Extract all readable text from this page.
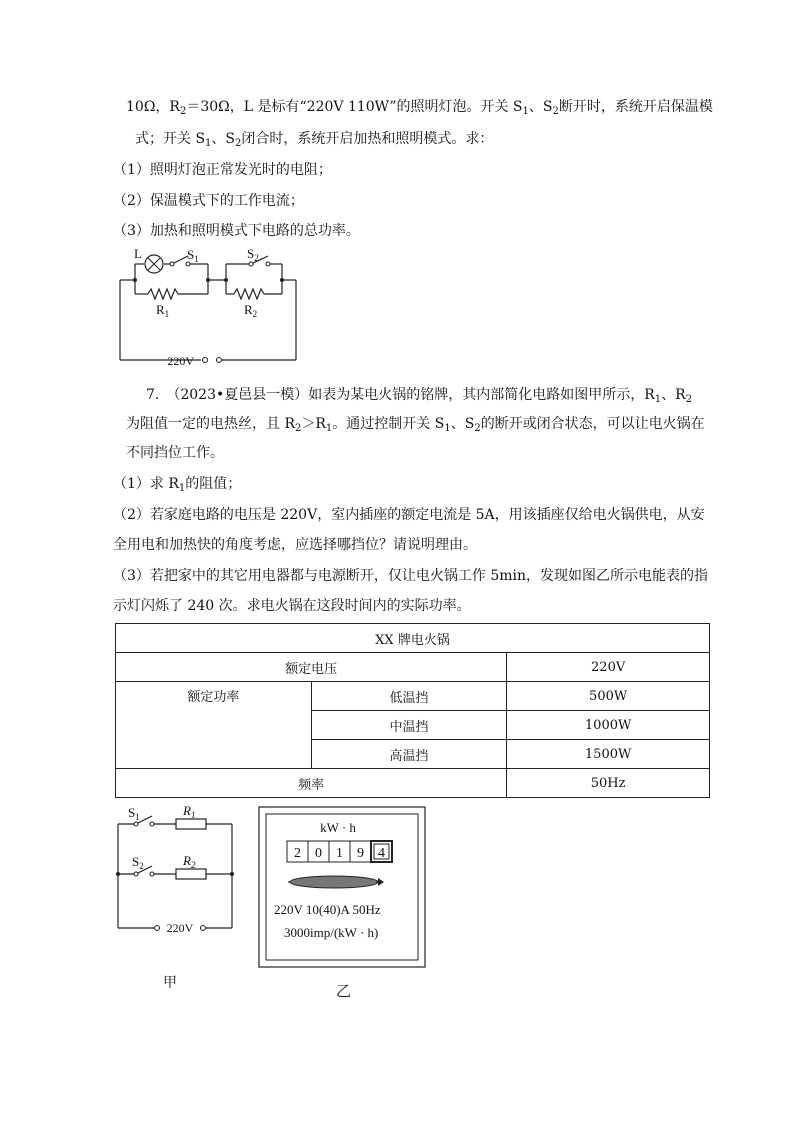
10Ω，$R_2=30\Omega$，L 是标有“220V 110W”的照明灯泡。开关 $S_1$、$S_2$断开时，系统开启保温模
式；开关 $S_1$、$S_2$闭合时，系统开启加热和照明模式。求：
（1）照明灯泡正常发光时的电阻；
（2）保温模式下的工作电流；
（3）加热和照明模式下电路的总功率。
L	$S_1$	$S_2$
$R_1$	$R_2$
220V
7.　（2023•夏邑县一模）如表为某电火锅的铭牌，其内部简化电路如图甲所示，$R_1$、$R_2$
为阻值一定的电热丝，且 $R_2>R_1$。通过控制开关 $S_1$、$S_2$的断开或闭合状态，可以让电火锅在
不同挡位工作。
（1）求 $R_1$的阻值；
（2）若家庭电路的电压是 220V，室内插座的额定电流是 5A，用该插座仅给电火锅供电，从安
全用电和加热快的角度考虑，应选择哪挡位？请说明理由。
（3）若把家中的其它用电器都与电源断开，仅让电火锅工作 5min，发现如图乙所示电能表的指
示灯闪烁了 240 次。求电火锅在这段时间内的实际功率。
XX 牌电火锅		
额定电压		220V
额定功率	低温挡	500W
	中温挡	1000W
	高温挡	1500W
频率		50Hz
$S_1$	$R_1$
$S_2$	$R_2$
220V
甲
kW · h
2 0 1 9 4
220V 10(40)A 50Hz
3000imp/(kW · h)
乙
